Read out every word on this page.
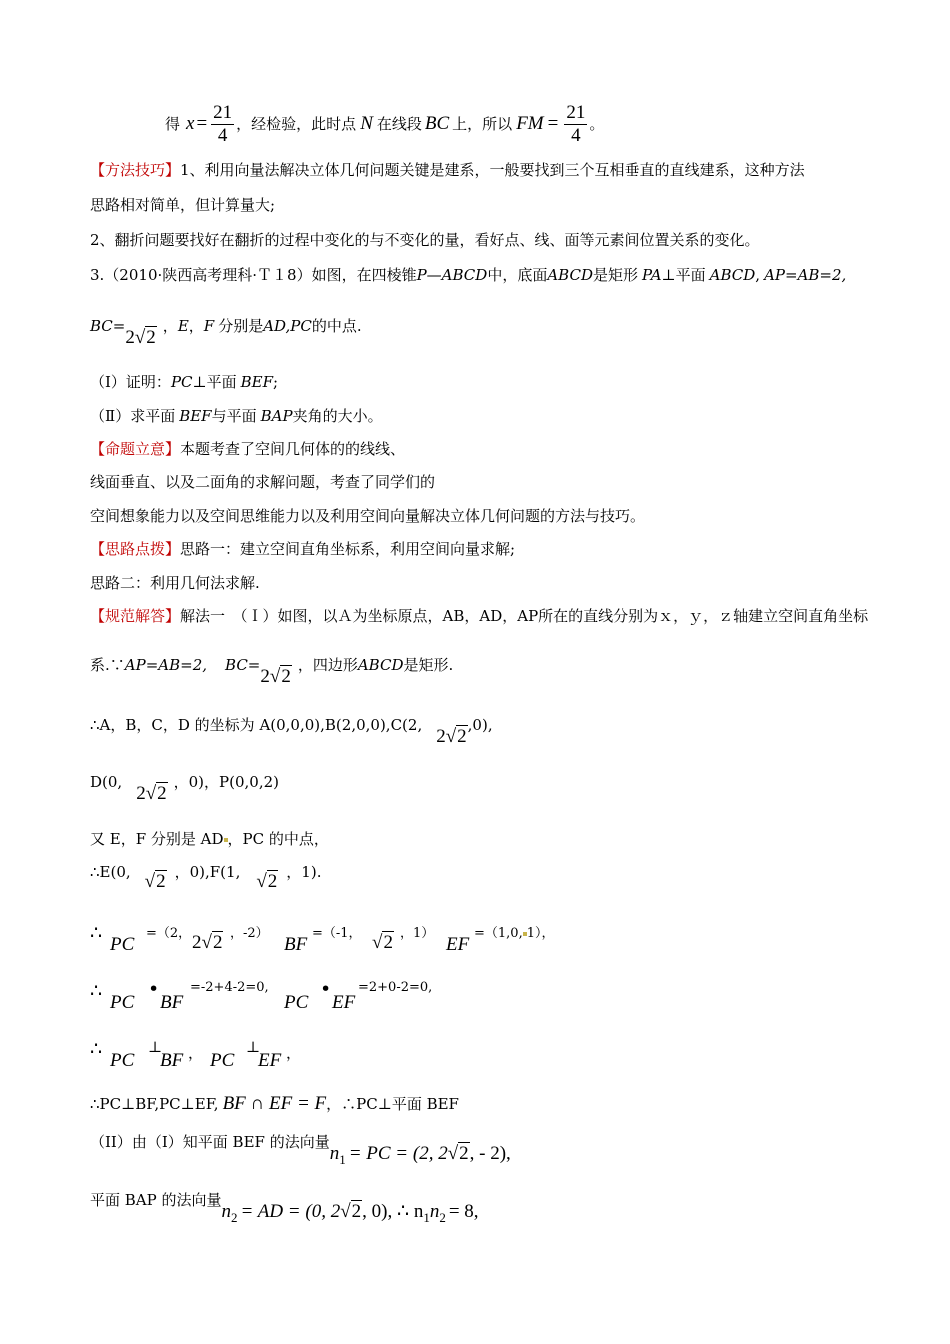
得 $x = \frac{21}{4}$ ，经检验，此时点 N 在线段 BC 上，所以 FM = $\frac{21}{4}$ 。
【方法技巧】1、利用向量法解决立体几何问题关键是建系，一般要找到三个互相垂直的直线建系，这种方法
思路相对简单，但计算量大;
2、翻折问题要找好在翻折的过程中变化的与不变化的量，看好点、线、面等元素间位置关系的变化。
3.（2010·陕西高考理科·Ｔ１8）如图，在四棱锥P—ABCD中，底面ABCD是矩形 PA⊥平面 ABCD, AP=AB=2,
BC=2√2，E，F 分别是AD,PC的中点.
（Ⅰ）证明：PC⊥平面 BEF;
（Ⅱ）求平面 BEF与平面 BAP夹角的大小。
【命题立意】本题考查了空间几何体的的线线、
线面垂直、以及二面角的求解问题，考查了同学们的
空间想象能力以及空间思维能力以及利用空间向量解决立体几何问题的方法与技巧。
【思路点拨】思路一：建立空间直角坐标系，利用空间向量求解;
思路二：利用几何法求解.
【规范解答】解法一　（Ｉ）如图，以Ａ为坐标原点，AB，AD，AP所在的直线分别为ｘ，ｙ，ｚ轴建立空间直角坐标
系.∵AP=AB=2, BC=2√2，四边形ABCD是矩形.
∴A，B，C，D 的坐标为 A(0,0,0),B(2,0,0),C(2,2√2,0),
D(0,2√2，0)，P(0,0,2)
又 E，F 分别是 AD ，PC 的中点，
∴E(0, √2 ，0),F(1, √2 ，1).
∴
PC
=（2， 2√2 ，-2）
BF
=（-1， √2 ，1）
EF
=（1,0, 1），
∴
PC
•
BF
=-2+4-2=0,
PC
•
EF
=2+0-2=0,
∴
PC
⊥
BF ， PC
⊥
EF ，
∴PC⊥BF,PC⊥EF, BF ∩ EF = F，∴PC⊥平面 BEF
（II）由（I）知平面 BEF 的法向量n1 = PC = (2, 2√2, - 2),
平面 BAP 的法向量n2 = AD = (0, 2√2, 0), ∴ n1n2 = 8,
